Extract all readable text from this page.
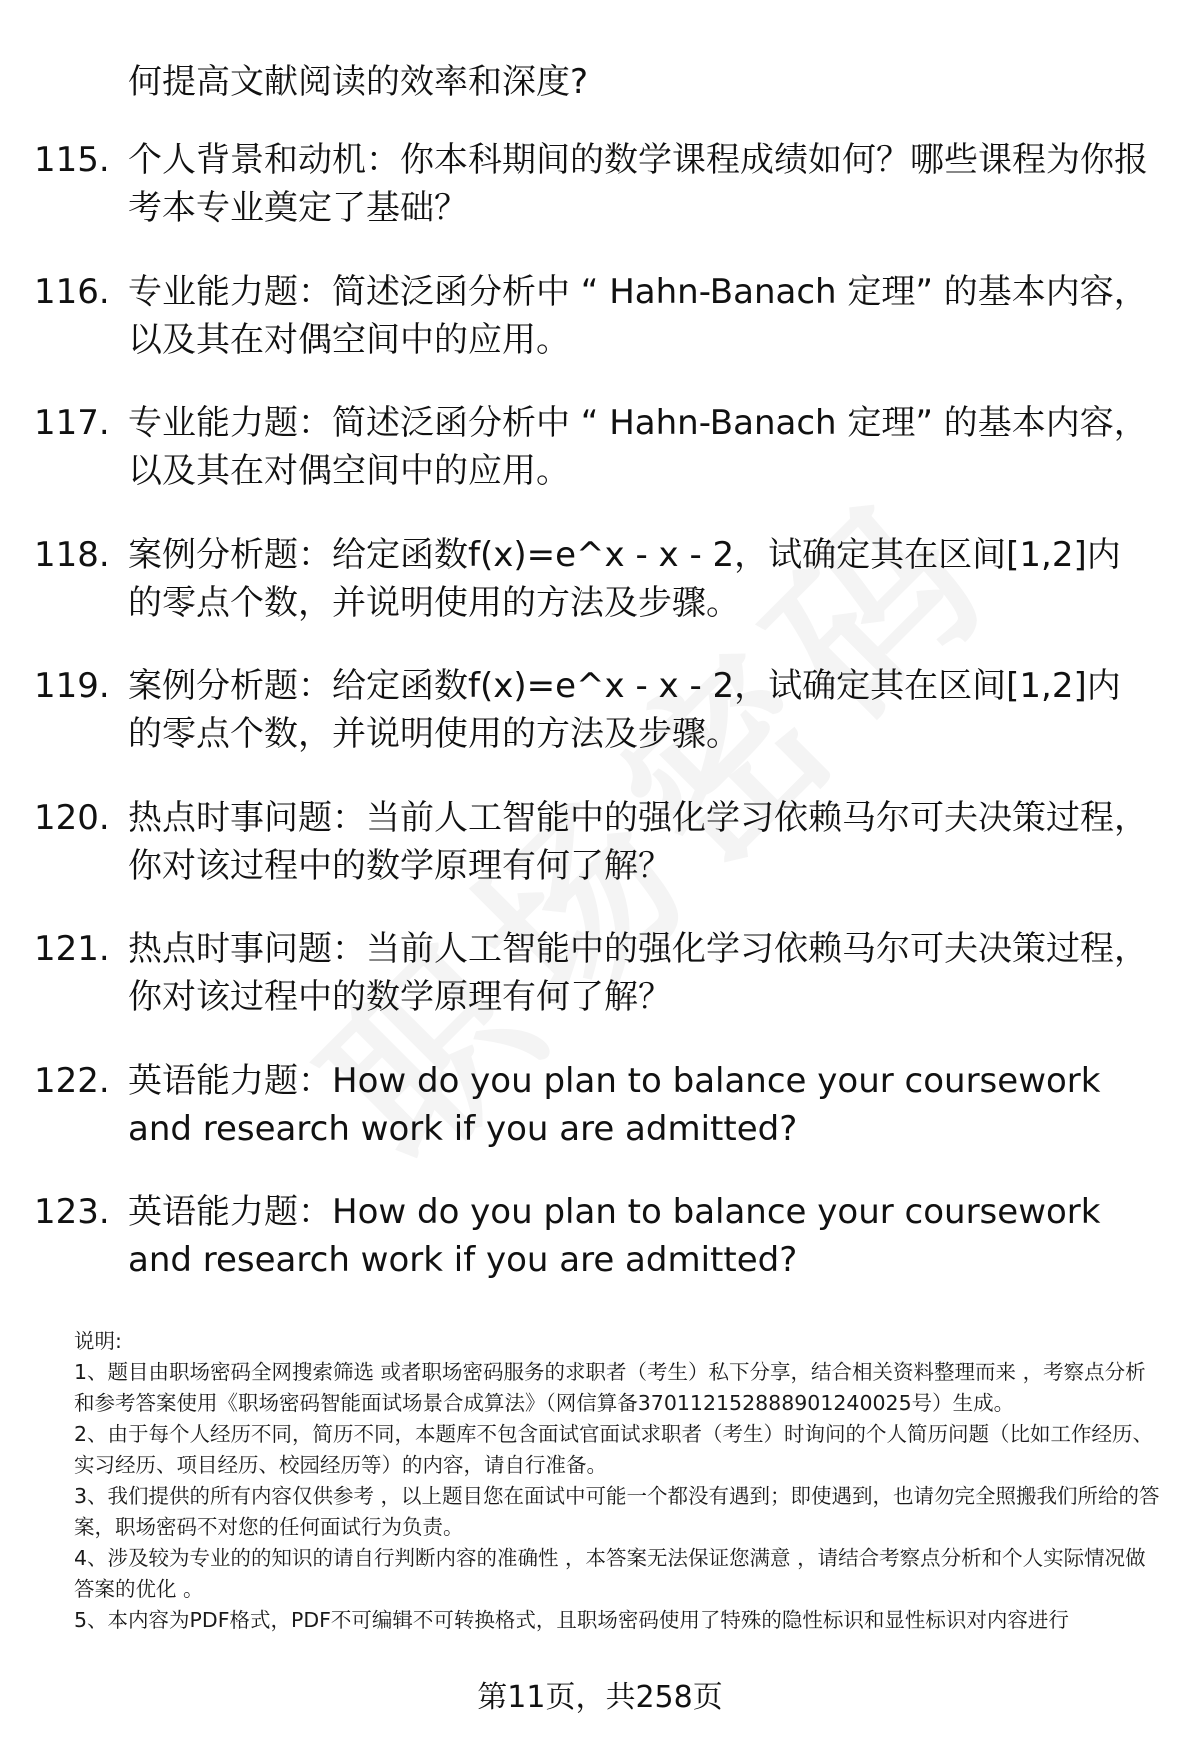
何提高文献阅读的效率和深度?
115. 个人背景和动机：你本科期间的数学课程成绩如何？哪些课程为你报考本专业奠定了基础？
116. 专业能力题：简述泛函分析中 “ Hahn-Banach 定理” 的基本内容，以及其在对偶空间中的应用。
117. 专业能力题：简述泛函分析中 “ Hahn-Banach 定理” 的基本内容，以及其在对偶空间中的应用。
118. 案例分析题：给定函数f(x)=e^x - x - 2，试确定其在区间[1,2]内的零点个数，并说明使用的方法及步骤。
119. 案例分析题：给定函数f(x)=e^x - x - 2，试确定其在区间[1,2]内的零点个数，并说明使用的方法及步骤。
120. 热点时事问题：当前人工智能中的强化学习依赖马尔可夫决策过程，你对该过程中的数学原理有何了解？
121. 热点时事问题：当前人工智能中的强化学习依赖马尔可夫决策过程，你对该过程中的数学原理有何了解？
122. 英语能力题：How do you plan to balance your coursework and research work if you are admitted?
123. 英语能力题：How do you plan to balance your coursework and research work if you are admitted?

说明:

1、题目由职场密码全网搜索筛选 或者职场密码服务的求职者（考生）私下分享，结合相关资料整理而来 ，考察点分析和参考答案使用《职场密码智能面试场景合成算法》（网信算备370112152888901240025号）生成。

2、由于每个人经历不同，简历不同，本题库不包含面试官面试求职者（考生）时询问的个人简历问题（比如工作经历、实习经历、项目经历、校园经历等）的内容，请自行准备。

3、我们提供的所有内容仅供参考 ，以上题目您在面试中可能一个都没有遇到；即使遇到，也请勿完全照搬我们所给的答案，职场密码不对您的任何面试行为负责。

4、涉及较为专业的的知识的请自行判断内容的准确性 ，本答案无法保证您满意 ，请结合考察点分析和个人实际情况做答案的优化 。

5、本内容为PDF格式，PDF不可编辑不可转换格式，且职场密码使用了特殊的隐性标识和显性标识对内容进行

第11页，共258页
